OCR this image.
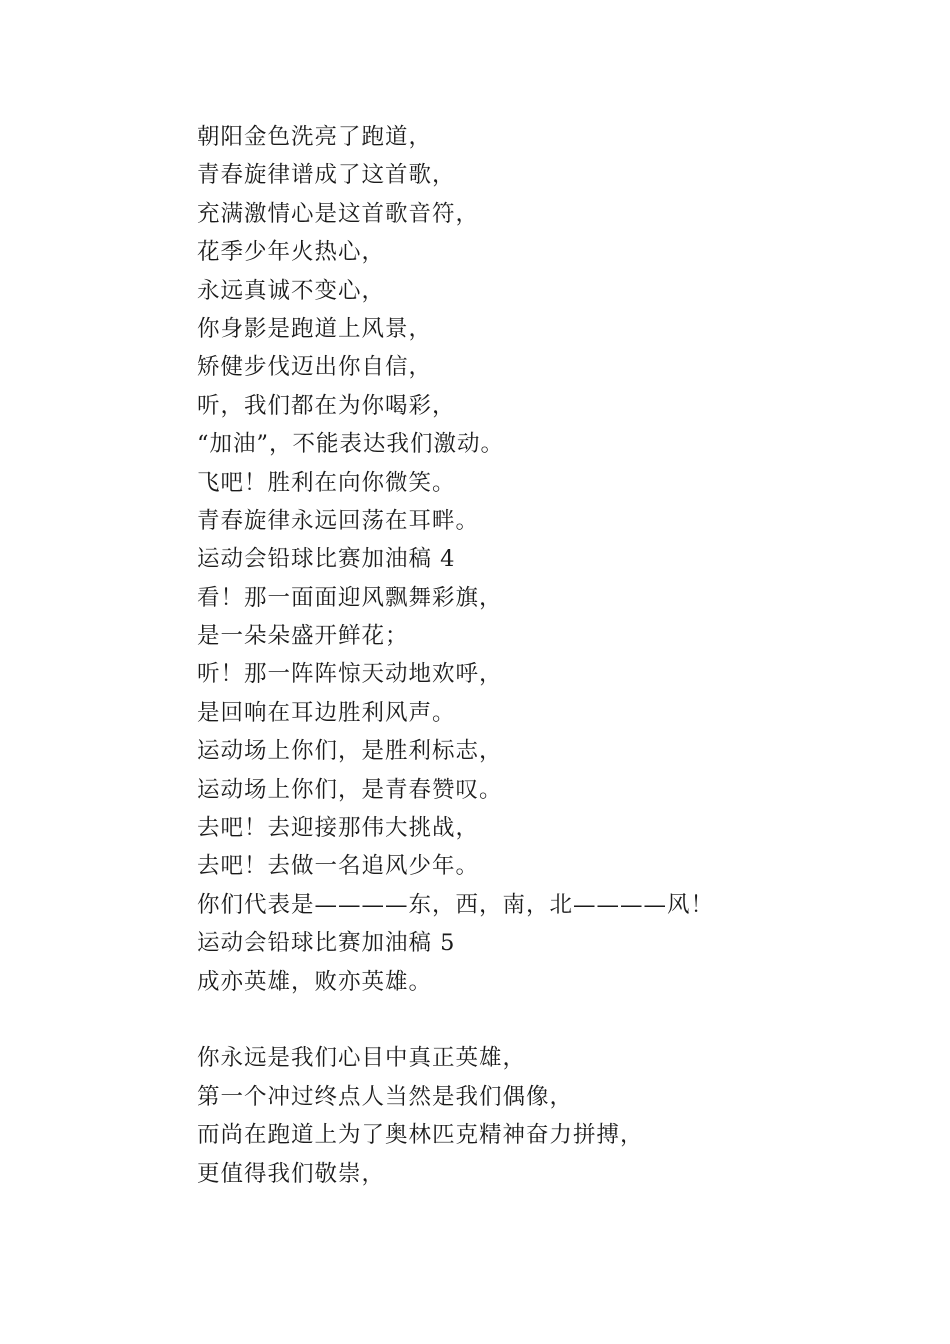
朝阳金色洗亮了跑道，
青春旋律谱成了这首歌，
充满激情心是这首歌音符，
花季少年火热心，
永远真诚不变心，
你身影是跑道上风景，
矫健步伐迈出你自信，
听，我们都在为你喝彩，
“加油”，不能表达我们激动。
飞吧！胜利在向你微笑。
青春旋律永远回荡在耳畔。
运动会铅球比赛加油稿 4
看！那一面面迎风飘舞彩旗，
是一朵朵盛开鲜花；
听！那一阵阵惊天动地欢呼，
是回响在耳边胜利风声。
运动场上你们，是胜利标志，
运动场上你们，是青春赞叹。
去吧！去迎接那伟大挑战，
去吧！去做一名追风少年。
你们代表是————东，西，南，北————风！
运动会铅球比赛加油稿 5
成亦英雄，败亦英雄。
你永远是我们心目中真正英雄，
第一个冲过终点人当然是我们偶像，
而尚在跑道上为了奥林匹克精神奋力拼搏，
更值得我们敬崇，
